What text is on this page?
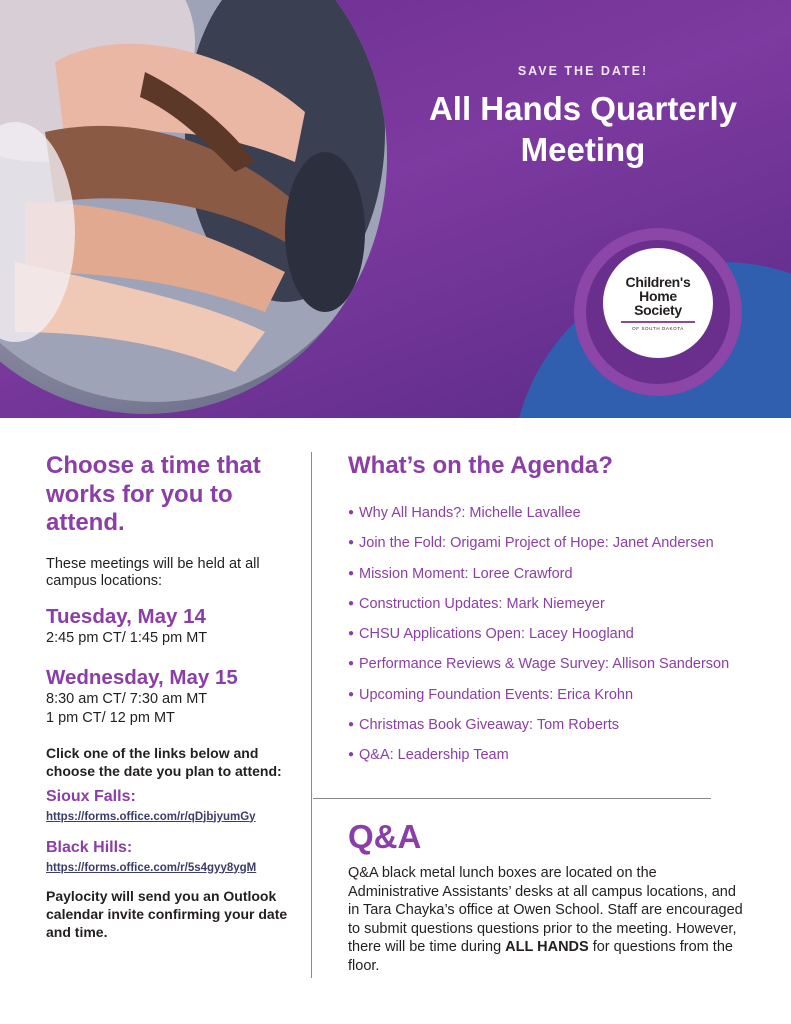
Children's
Home
Society
OF SOUTH DAKOTA
SAVE THE DATE!
All Hands Quarterly Meeting
Choose a time that works for you to attend.

These meetings will be held at all campus locations:

Tuesday, May 14

2:45 pm CT/ 1:45 pm MT

Wednesday, May 15

8:30 am CT/ 7:30 am MT

1 pm CT/ 12 pm MT

Click one of the links below and choose the date you plan to attend:

Sioux Falls:
https://forms.office.com/r/qDjbjyumGy
Black Hills:
https://forms.office.com/r/5s4gyy8ygM

Paylocity will send you an Outlook calendar invite confirming your date and time.

What’s on the Agenda?
● Why All Hands?: Michelle Lavallee
● Join the Fold: Origami Project of Hope: Janet Andersen
● Mission Moment: Loree Crawford
● Construction Updates: Mark Niemeyer
● CHSU Applications Open: Lacey Hoogland
● Performance Reviews & Wage Survey: Allison Sanderson
● Upcoming Foundation Events: Erica Krohn
● Christmas Book Giveaway: Tom Roberts
● Q&A: Leadership Team
Q&A

Q&A black metal lunch boxes are located on the Administrative Assistants’ desks at all campus locations, and in Tara Chayka’s office at Owen School. Staff are encouraged to submit questions questions prior to the meeting. However, there will be time during ALL HANDS for questions from the floor.
